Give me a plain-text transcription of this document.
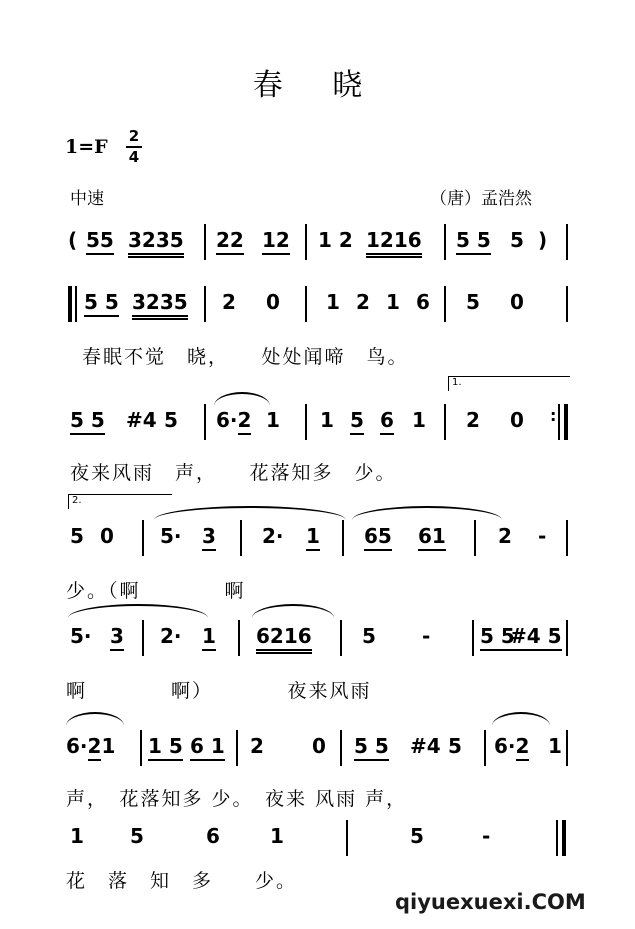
春 晓
1=F 2
4
中速	（唐）孟浩然
( 55 3235 22 12 1 2 1216 5 5 5 )
5 5 3235 2 0 1 2 1 6 5 0
春眠不觉　晓，　　处处闻啼　鸟。
1.
5 5 #4 5 6·2 1 1 5 6 1 2 0 :
夜来风雨　声，　　花落知多　少。
2.
5 0 5· 3 2· 1 65 61	2 -
少。（啊　　　　啊
5· 3 2· 1 6216	5 - 5 5
#4 5
啊　　　　啊）　　　　夜来风雨
6·21 1 5 6 1 2 0 5 5 #4 5 6·2 1
声，　花落知多 少。　夜来 风雨 声，
1 5	6	1	5	-
花　落　知　多　　少。
qiyuexuexi.COM
